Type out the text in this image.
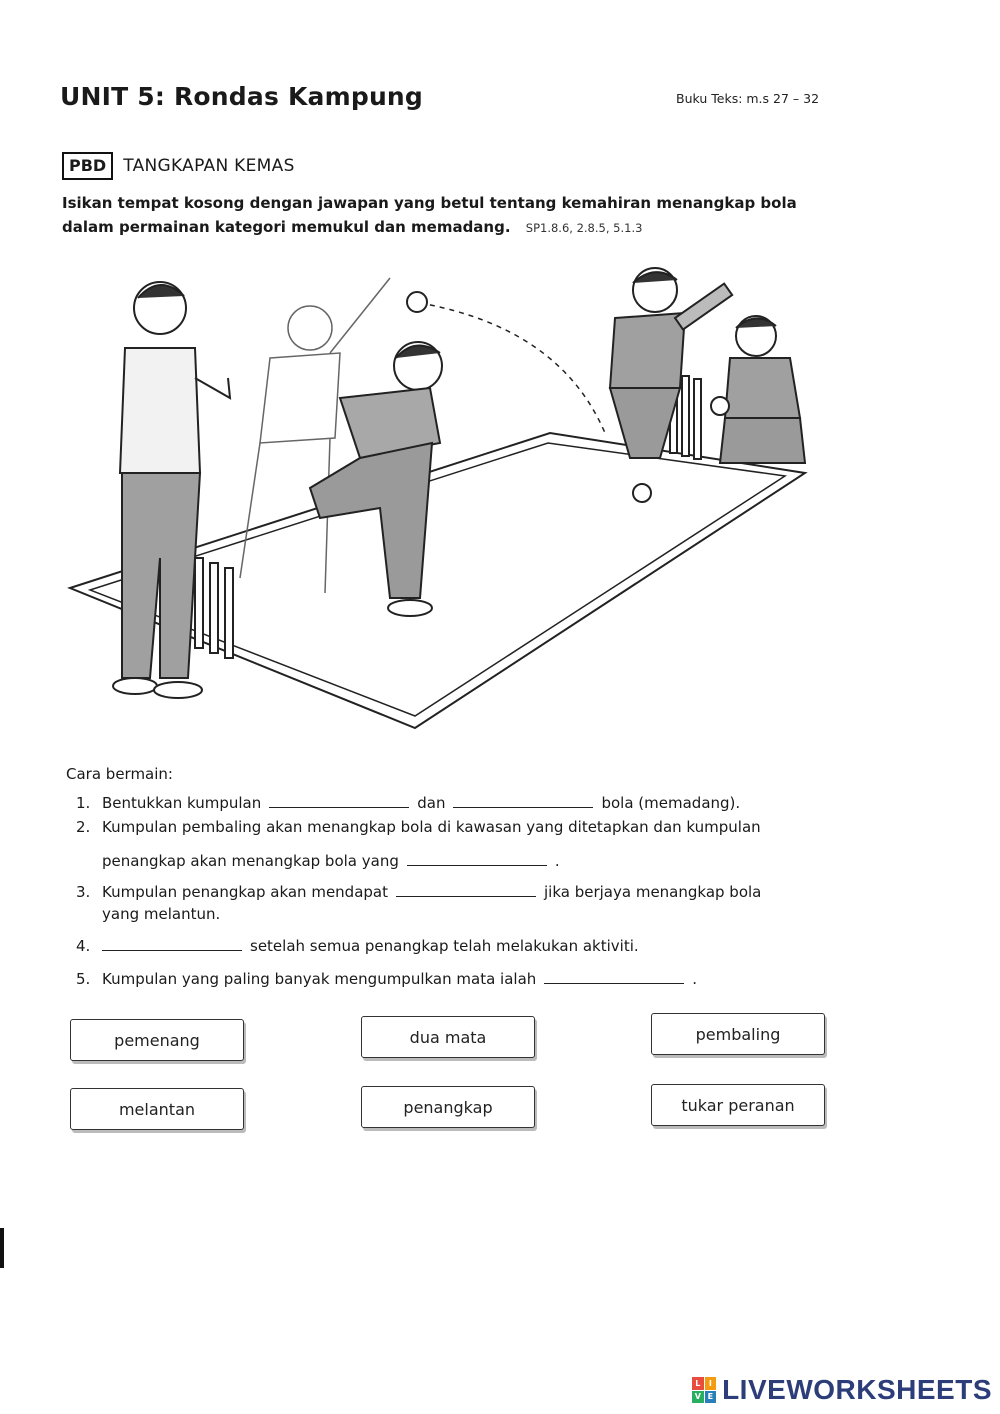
UNIT 5: Rondas Kampung	Buku Teks: m.s 27 – 32
PBD	TANGKAPAN KEMAS
Isikan tempat kosong dengan jawapan yang betul tentang kemahiran menangkap bola dalam permainan kategori memukul dan memadang. SP1.8.6, 2.8.5, 5.1.3
Cara bermain:
1. Bentukkan kumpulan	dan	bola (memadang).
2. Kumpulan pembaling akan menangkap bola di kawasan yang ditetapkan dan kumpulan
penangkap akan menangkap bola yang	.
3. Kumpulan penangkap akan mendapat	jika berjaya menangkap bola
yang melantun.
4.	setelah semua penangkap telah melakukan aktiviti.
5. Kumpulan yang paling banyak mengumpulkan mata ialah	.
pemenang	dua mata	pembaling
melantan	penangkap	tukar peranan
L	I
V E LIVEWORKSHEETS
